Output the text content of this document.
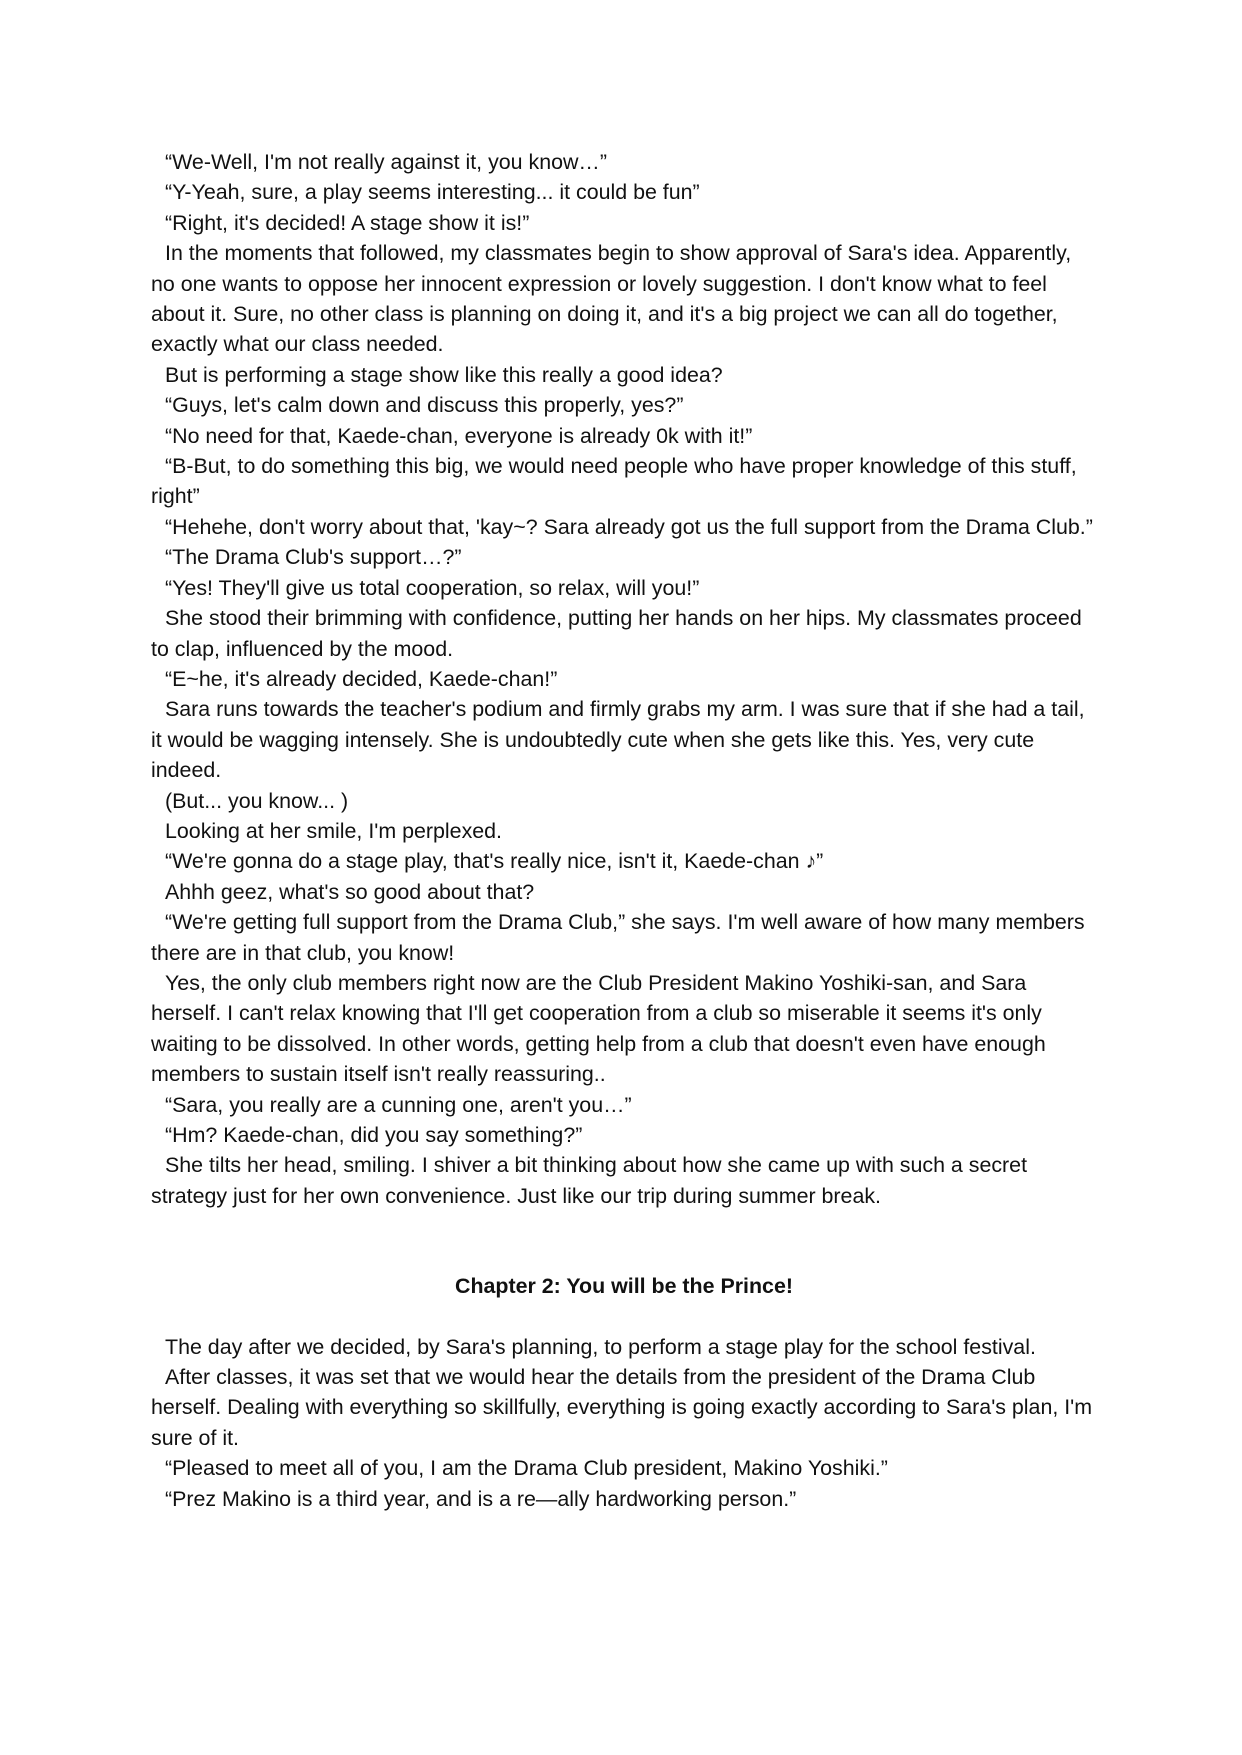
“We-Well, I'm not really against it, you know…”

“Y-Yeah, sure, a play seems interesting... it could be fun”

“Right, it's decided! A stage show it is!”

In the moments that followed, my classmates begin to show approval of Sara's idea. Apparently, no one wants to oppose her innocent expression or lovely suggestion. I don't know what to feel about it. Sure, no other class is planning on doing it, and it's a big project we can all do together, exactly what our class needed.

But is performing a stage show like this really a good idea?

“Guys, let's calm down and discuss this properly, yes?”

“No need for that, Kaede-chan, everyone is already 0k with it!”

“B-But, to do something this big, we would need people who have proper knowledge of this stuff, right”

“Hehehe, don't worry about that, 'kay~? Sara already got us the full support from the Drama Club.”

“The Drama Club's support…?”

“Yes! They'll give us total cooperation, so relax, will you!”

She stood their brimming with confidence, putting her hands on her hips. My classmates proceed to clap, influenced by the mood.

“E~he, it's already decided, Kaede-chan!”

Sara runs towards the teacher's podium and firmly grabs my arm. I was sure that if she had a tail, it would be wagging intensely. She is undoubtedly cute when she gets like this. Yes, very cute indeed.

(But... you know... )

Looking at her smile, I'm perplexed.

“We're gonna do a stage play, that's really nice, isn't it, Kaede-chan ♪”

Ahhh geez, what's so good about that?

“We're getting full support from the Drama Club,” she says. I'm well aware of how many members there are in that club, you know!

Yes, the only club members right now are the Club President Makino Yoshiki-san, and Sara herself. I can't relax knowing that I'll get cooperation from a club so miserable it seems it's only waiting to be dissolved. In other words, getting help from a club that doesn't even have enough members to sustain itself isn't really reassuring..

“Sara, you really are a cunning one, aren't you…”

“Hm? Kaede-chan, did you say something?”

She tilts her head, smiling. I shiver a bit thinking about how she came up with such a secret strategy just for her own convenience. Just like our trip during summer break.

Chapter 2: You will be the Prince!

The day after we decided, by Sara's planning, to perform a stage play for the school festival.

After classes, it was set that we would hear the details from the president of the Drama Club herself. Dealing with everything so skillfully, everything is going exactly according to Sara's plan, I'm sure of it.

“Pleased to meet all of you, I am the Drama Club president, Makino Yoshiki.”

“Prez Makino is a third year, and is a re—ally hardworking person.”
